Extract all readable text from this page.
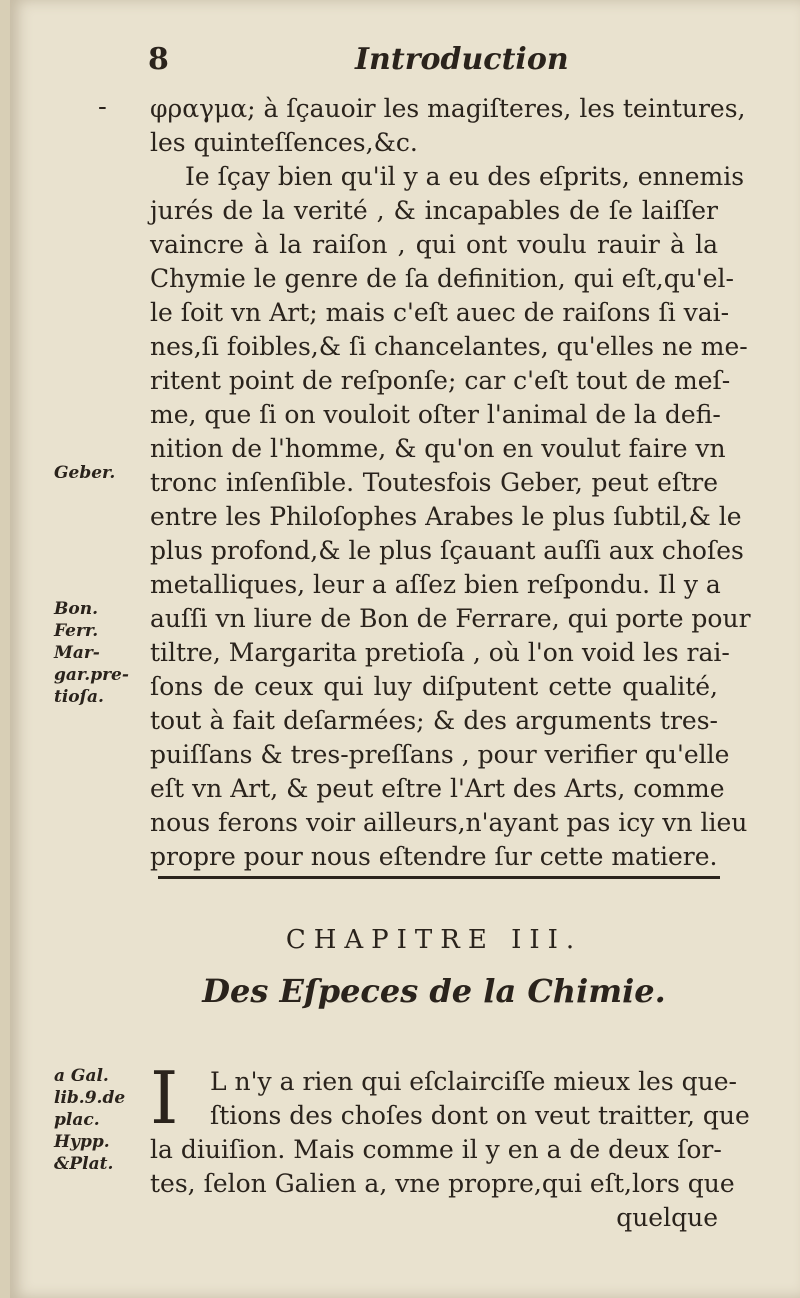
-
8	Introduction
φραγμα; à ſçauoir les magiſteres, les teintures,
les quinteſſences,&c.
Ie ſçay bien qu'il y a eu des eſprits, ennemis
jurés de la verité , & incapables de ſe laiſſer
vaincre à la raiſon , qui ont voulu rauir à la
Chymie le genre de ſa definition, qui eſt,qu'el-
le ſoit vn Art; mais c'eſt auec de raiſons ſi vai-
nes,ſi foibles,& ſi chancelantes, qu'elles ne me-
ritent point de reſponſe; car c'eſt tout de meſ-
me, que ſi on vouloit oſter l'animal de la defi-
nition de l'homme, & qu'on en voulut faire vn
tronc inſenſible. Toutesfois Geber, peut eſtre
entre les Philoſophes Arabes le plus ſubtil,& le
plus profond,& le plus ſçauant auſſi aux choſes
metalliques, leur a aſſez bien reſpondu. Il y a
auſſi vn liure de Bon de Ferrare, qui porte pour
tiltre, Margarita pretioſa , où l'on void les rai-
ſons de ceux qui luy diſputent cette qualité,
tout à fait deſarmées; & des arguments tres-
puiſſans & tres-preſſans , pour verifier qu'elle
eſt vn Art, & peut eſtre l'Art des Arts, comme
nous ferons voir ailleurs,n'ayant pas icy vn lieu
propre pour nous eſtendre ſur cette matiere.
Geber.
Bon.
Ferr.
Mar-
gar.pre-
tioſa.
CHAPITRE III.
Des Eſpeces de la Chimie.
I L n'y a rien qui eſclairciſſe mieux les que-
ſtions des choſes dont on veut traitter, que
la diuiſion. Mais comme il y en a de deux ſor-
tes, ſelon Galien a, vne propre,qui eſt,lors que
quelque
a Gal.
lib.9.de
plac.
Hypp.
&Plat.
